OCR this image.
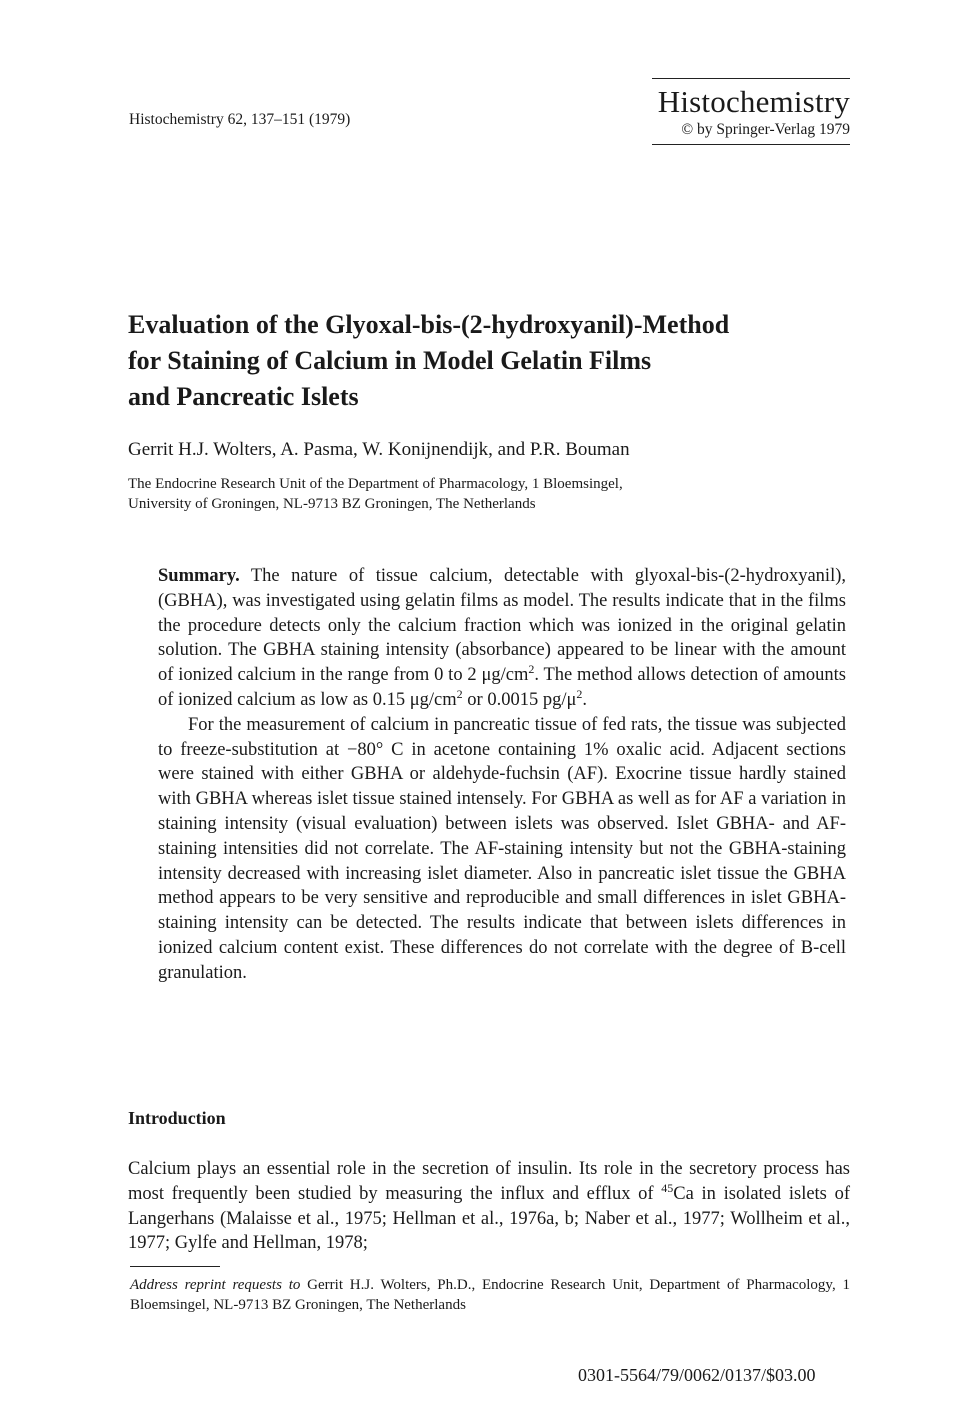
Histochemistry 62, 137–151 (1979)
Histochemistry
© by Springer-Verlag 1979
Evaluation of the Glyoxal-bis-(2-hydroxyanil)-Method
for Staining of Calcium in Model Gelatin Films
and Pancreatic Islets
Gerrit H.J. Wolters, A. Pasma, W. Konijnendijk, and P.R. Bouman
The Endocrine Research Unit of the Department of Pharmacology, 1 Bloemsingel,
University of Groningen, NL-9713 BZ Groningen, The Netherlands

Summary. The nature of tissue calcium, detectable with glyoxal-bis-(2-hydroxyanil), (GBHA), was investigated using gelatin films as model. The results indicate that in the films the procedure detects only the calcium fraction which was ionized in the original gelatin solution. The GBHA staining intensity (absorbance) appeared to be linear with the amount of ionized calcium in the range from 0 to 2 $\mu g/cm^2$. The method allows detection of amounts of ionized calcium as low as 0.15 $\mu g/cm^2$ or 0.0015 $pg/\mu^2$.

For the measurement of calcium in pancreatic tissue of fed rats, the tissue was subjected to freeze-substitution at −80° C in acetone containing 1% oxalic acid. Adjacent sections were stained with either GBHA or aldehyde-fuchsin (AF). Exocrine tissue hardly stained with GBHA whereas islet tissue stained intensely. For GBHA as well as for AF a variation in staining intensity (visual evaluation) between islets was observed. Islet GBHA- and AF-staining intensities did not correlate. The AF-staining intensity but not the GBHA-staining intensity decreased with increasing islet diameter. Also in pancreatic islet tissue the GBHA method appears to be very sensitive and reproducible and small differences in islet GBHA-staining intensity can be detected. The results indicate that between islets differences in ionized calcium content exist. These differences do not correlate with the degree of B-cell granulation.

Introduction
Calcium plays an essential role in the secretion of insulin. Its role in the secretory process has most frequently been studied by measuring the influx and efflux of $^{45}$Ca in isolated islets of Langerhans (Malaisse et al., 1975; Hellman et al., 1976a, b; Naber et al., 1977; Wollheim et al., 1977; Gylfe and Hellman, 1978;
Address reprint requests to Gerrit H.J. Wolters, Ph.D., Endocrine Research Unit, Department of Pharmacology, 1 Bloemsingel, NL-9713 BZ Groningen, The Netherlands
0301-5564/79/0062/0137/$03.00
